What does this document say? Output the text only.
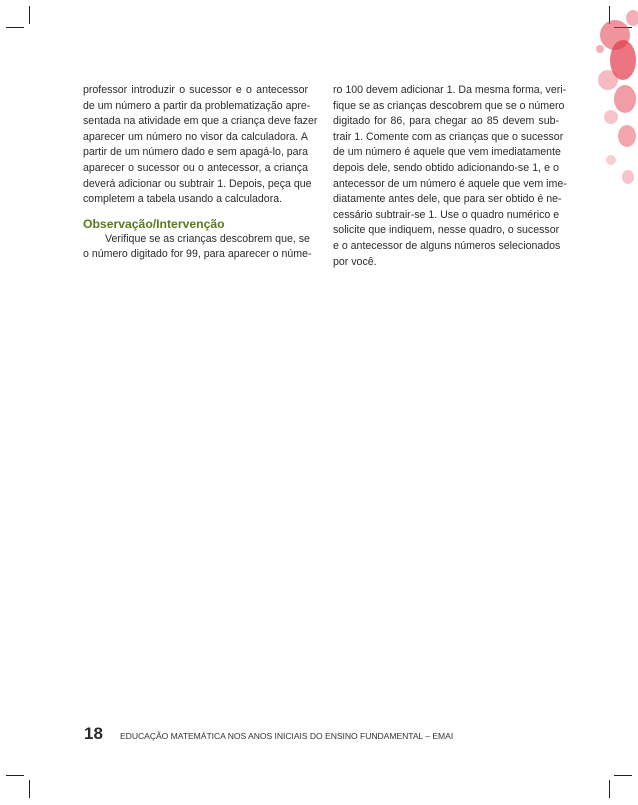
professor introduzir o sucessor e o antecessor
de um número a partir da problematização apre-
sentada na atividade em que a criança deve fazer
aparecer um número no visor da calculadora. A
partir de um número dado e sem apagá-lo, para
aparecer o sucessor ou o antecessor, a criança
deverá adicionar ou subtrair 1. Depois, peça que
completem a tabela usando a calculadora.

Observação/Intervenção

Verifique se as crianças descobrem que, se
o número digitado for 99, para aparecer o núme-

ro 100 devem adicionar 1. Da mesma forma, veri-
fique se as crianças descobrem que se o número
digitado for 86, para chegar ao 85 devem sub-
trair 1. Comente com as crianças que o sucessor
de um número é aquele que vem imediatamente
depois dele, sendo obtido adicionando-se 1, e o
antecessor de um número é aquele que vem ime-
diatamente antes dele, que para ser obtido é ne-
cessário subtrair-se 1. Use o quadro numérico e
solicite que indiquem, nesse quadro, o sucessor
e o antecessor de alguns números selecionados
por você.

18 EDUCAÇÃO MATEMÁTICA NOS ANOS INICIAIS DO ENSINO FUNDAMENTAL – EMAI
